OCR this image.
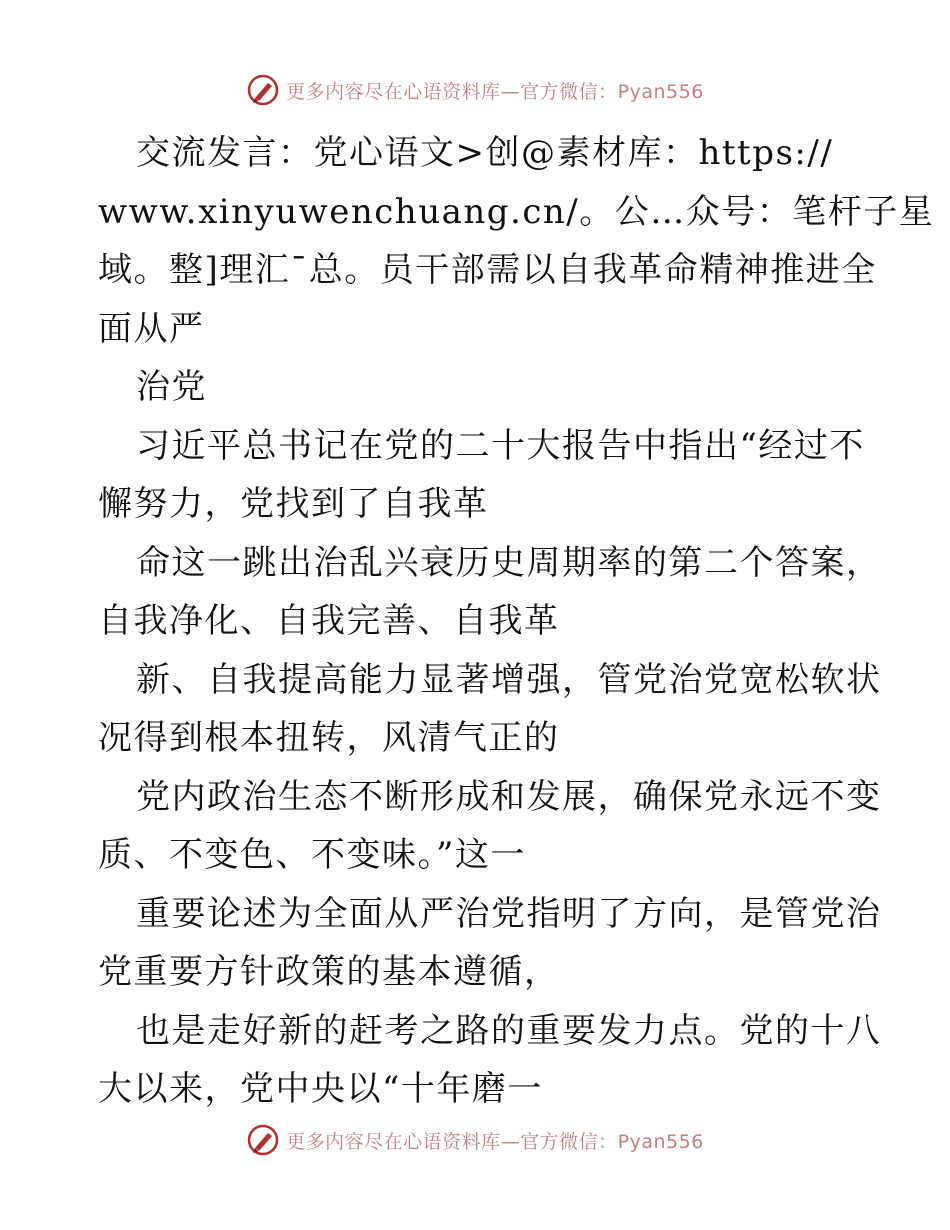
更多内容尽在心语资料库—官方微信：Pyan556
交流发言：党心语文>创@素材库：https://
www.xinyuwenchuang.cn/。公…众号：笔杆子星
域。整]理汇¯总。员干部需以自我革命精神推进全
面从严
治党
习近平总书记在党的二十大报告中指出“经过不
懈努力，党找到了自我革
命这一跳出治乱兴衰历史周期率的第二个答案，
自我净化、自我完善、自我革
新、自我提高能力显著增强，管党治党宽松软状
况得到根本扭转，风清气正的
党内政治生态不断形成和发展，确保党永远不变
质、不变色、不变味。”这一
重要论述为全面从严治党指明了方向，是管党治
党重要方针政策的基本遵循，
也是走好新的赶考之路的重要发力点。党的十八
大以来，党中央以“十年磨一
更多内容尽在心语资料库—官方微信：Pyan556
